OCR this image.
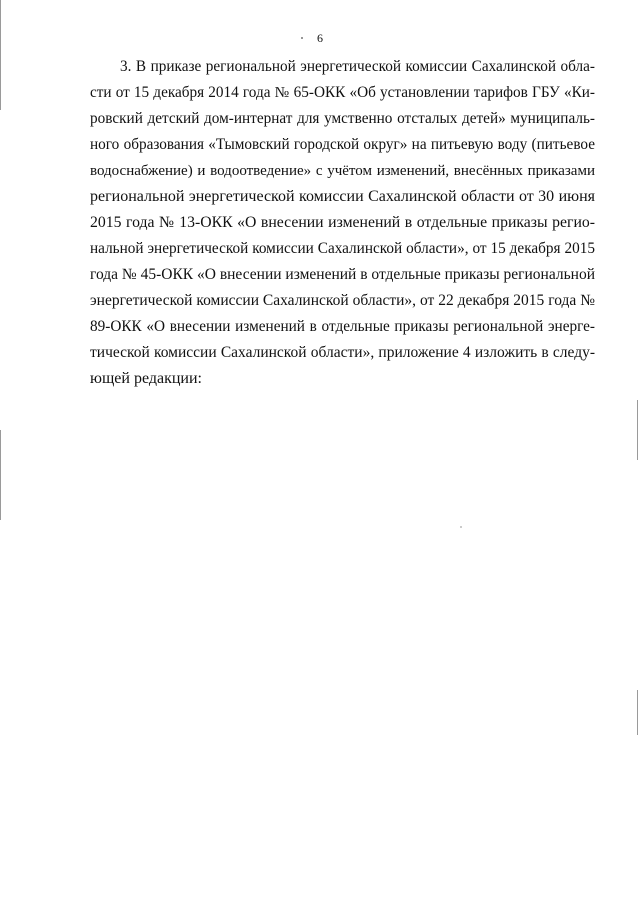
6
3. В приказе региональной энергетической комиссии Сахалинской обла-
сти от 15 декабря 2014 года № 65-ОКК «Об установлении тарифов ГБУ «Ки-
ровский детский дом-интернат для умственно отсталых детей» муниципаль-
ного образования «Тымовский городской округ» на питьевую воду (питьевое
водоснабжение) и водоотведение» с учётом изменений, внесённых приказами
региональной энергетической комиссии Сахалинской области от 30 июня
2015 года № 13-ОКК «О внесении изменений в отдельные приказы регио-
нальной энергетической комиссии Сахалинской области», от 15 декабря 2015
года № 45-ОКК «О внесении изменений в отдельные приказы региональной
энергетической комиссии Сахалинской области», от 22 декабря 2015 года №
89-ОКК «О внесении изменений в отдельные приказы региональной энерге-
тической комиссии Сахалинской области», приложение 4 изложить в следу-
ющей редакции:
